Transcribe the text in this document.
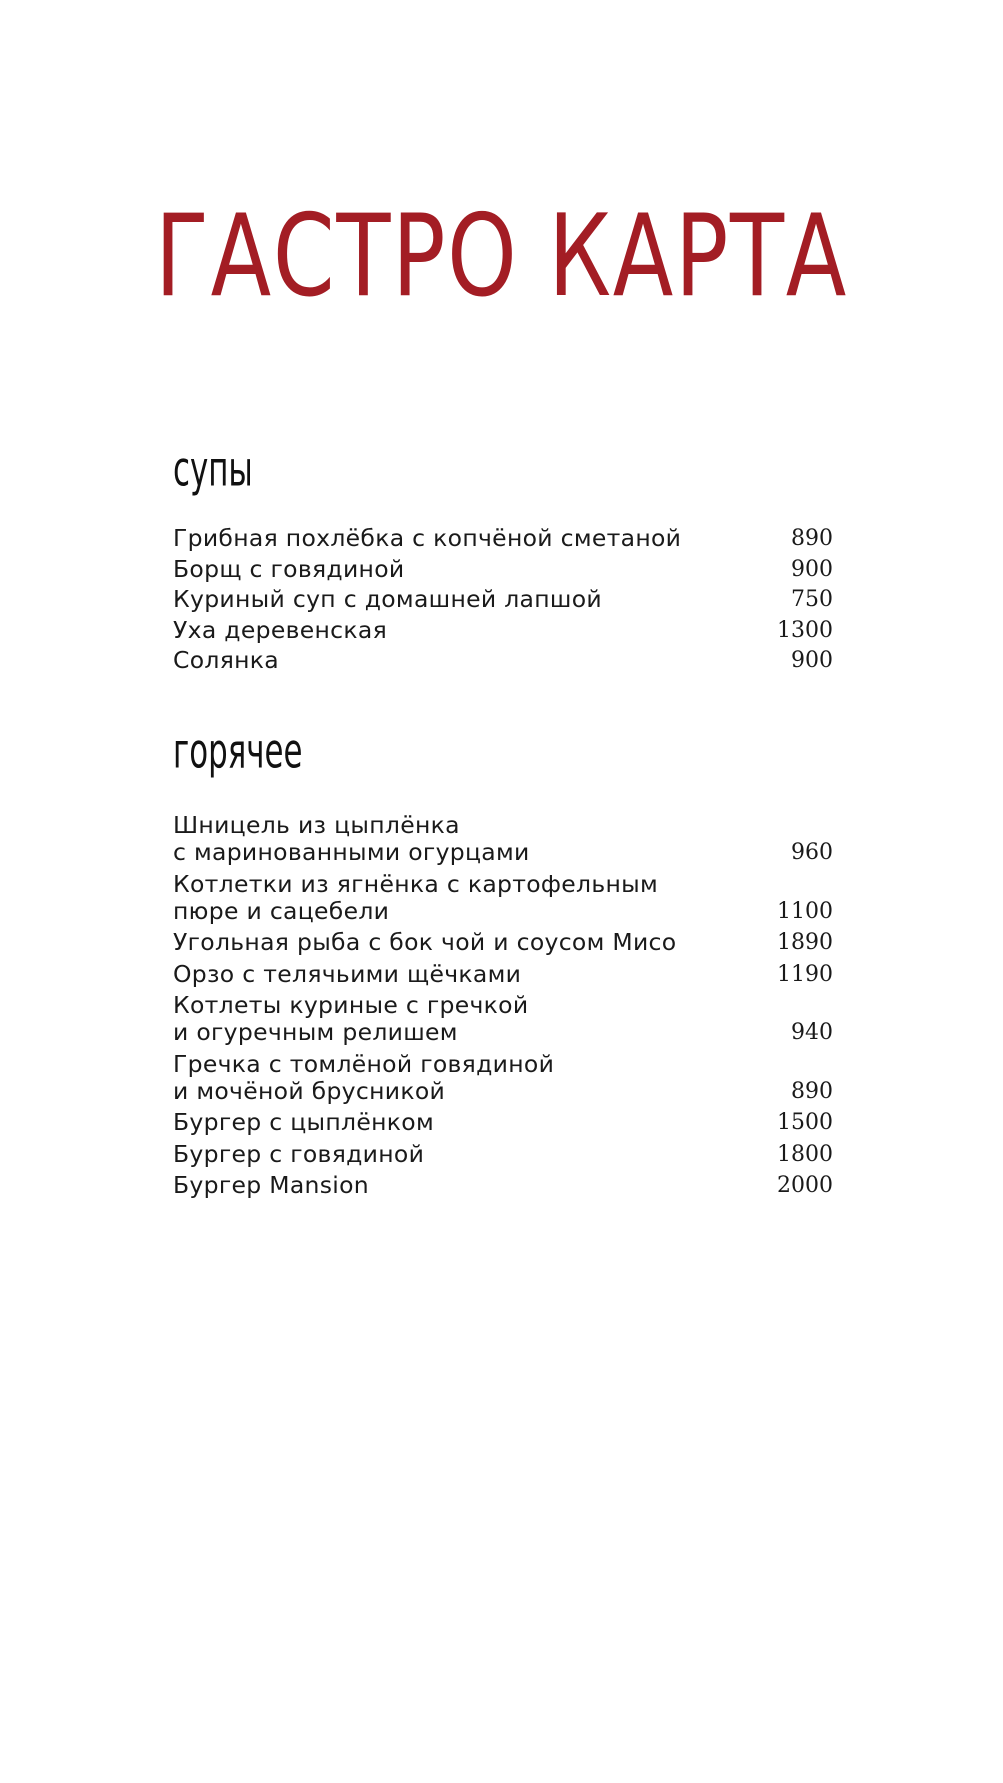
ГАСТРО КАРТА
супы
Грибная похлёбка с копчёной сметаной	890
Борщ с говядиной	900
Куриный суп с домашней лапшой	750
Уха деревенская	1300
Солянка	900
горячее
Шницель из цыплёнка
с маринованными огурцами	960
Котлетки из ягнёнка с картофельным
пюре и сацебели	1100
Угольная рыба с бок чой и соусом Мисо	1890
Орзо с телячьими щёчками	1190
Котлеты куриные с гречкой
и огуречным релишем	940
Гречка с томлёной говядиной
и мочёной брусникой	890
Бургер с цыплёнком	1500
Бургер с говядиной	1800
Бургер Mansion	2000
